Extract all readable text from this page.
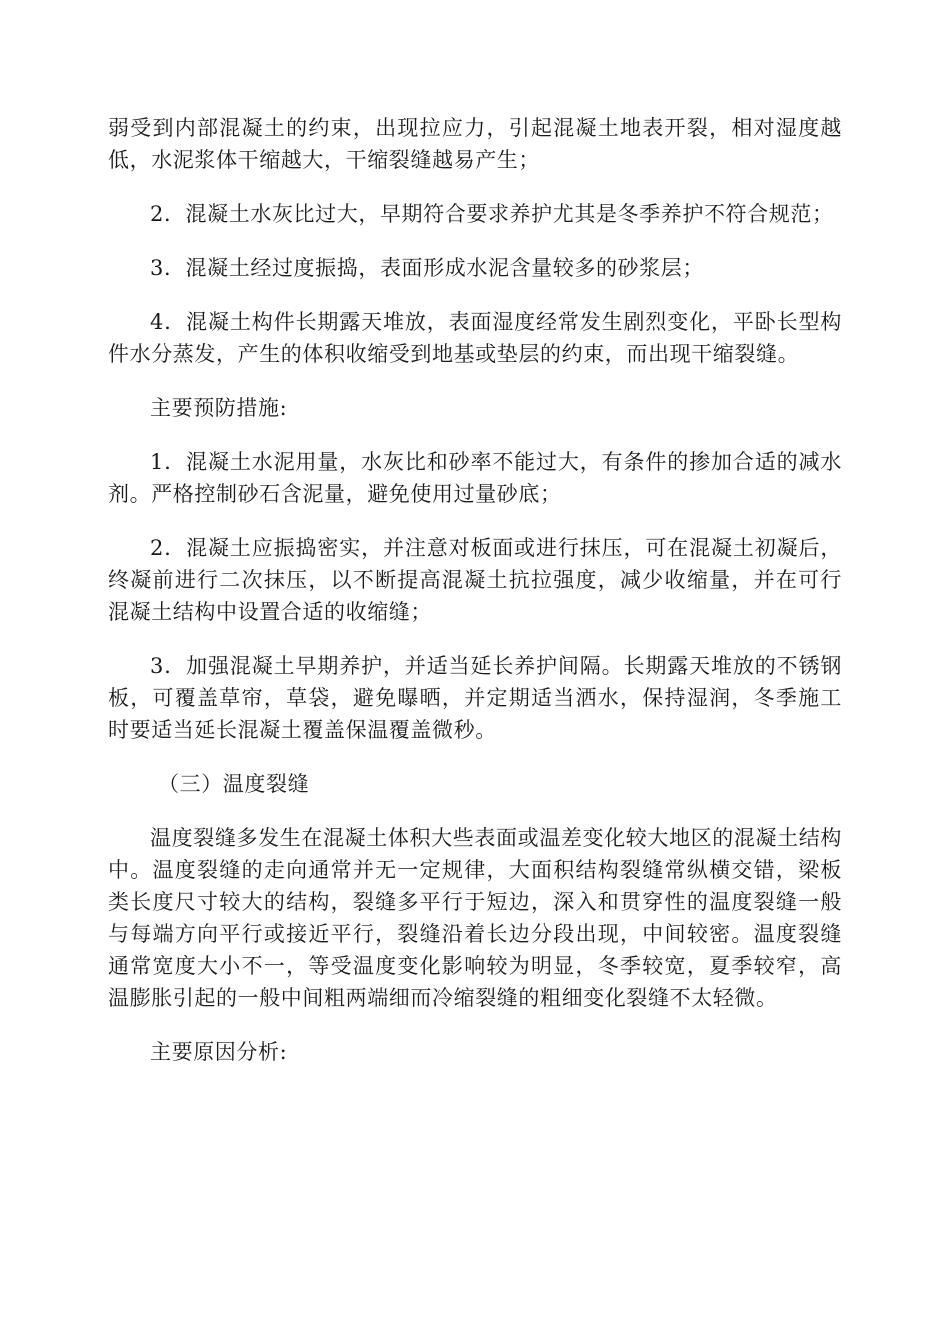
弱受到内部混凝土的约束，出现拉应力，引起混凝土地表开裂，相对湿度越低，水泥浆体干缩越大，干缩裂缝越易产生；

2．混凝土水灰比过大，早期符合要求养护尤其是冬季养护不符合规范；

3．混凝土经过度振捣，表面形成水泥含量较多的砂浆层；

4．混凝土构件长期露天堆放，表面湿度经常发生剧烈变化，平卧长型构件水分蒸发，产生的体积收缩受到地基或垫层的约束，而出现干缩裂缝。

主要预防措施:

1．混凝土水泥用量，水灰比和砂率不能过大，有条件的掺加合适的减水剂。严格控制砂石含泥量，避免使用过量砂底；

2．混凝土应振捣密实，并注意对板面或进行抹压，可在混凝土初凝后，终凝前进行二次抹压，以不断提高混凝土抗拉强度，减少收缩量，并在可行混凝土结构中设置合适的收缩缝；

3．加强混凝土早期养护，并适当延长养护间隔。长期露天堆放的不锈钢板，可覆盖草帘，草袋，避免曝晒，并定期适当洒水，保持湿润，冬季施工时要适当延长混凝土覆盖保温覆盖微秒。

（三）温度裂缝

温度裂缝多发生在混凝土体积大些表面或温差变化较大地区的混凝土结构中。温度裂缝的走向通常并无一定规律，大面积结构裂缝常纵横交错，梁板类长度尺寸较大的结构，裂缝多平行于短边，深入和贯穿性的温度裂缝一般与每端方向平行或接近平行，裂缝沿着长边分段出现，中间较密。温度裂缝通常宽度大小不一，等受温度变化影响较为明显，冬季较宽，夏季较窄，高温膨胀引起的一般中间粗两端细而冷缩裂缝的粗细变化裂缝不太轻微。

主要原因分析:
